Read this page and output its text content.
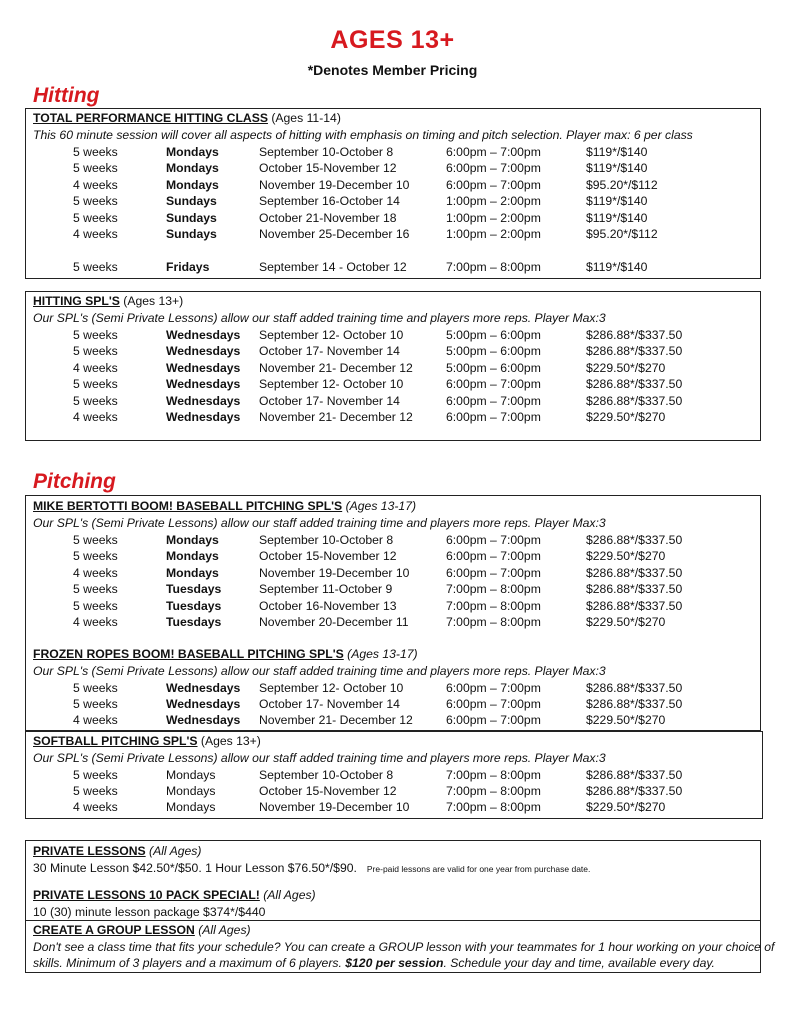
AGES 13+
*Denotes Member Pricing
Hitting
TOTAL PERFORMANCE HITTING CLASS (Ages 11-14)
This 60 minute session will cover all aspects of hitting with emphasis on timing and pitch selection. Player max: 6 per class
5 weeks	Mondays	September 10-October 8	6:00pm – 7:00pm	$119*/$140
5 weeks	Mondays	October 15-November 12	6:00pm – 7:00pm	$119*/$140
4 weeks	Mondays	November 19-December 10	6:00pm – 7:00pm	$95.20*/$112
5 weeks	Sundays	September 16-October 14	1:00pm – 2:00pm	$119*/$140
5 weeks	Sundays	October 21-November 18	1:00pm – 2:00pm	$119*/$140
4 weeks	Sundays	November 25-December 16	1:00pm – 2:00pm	$95.20*/$112
5 weeks	Fridays	September 14 - October 12	7:00pm – 8:00pm	$119*/$140
HITTING SPL'S (Ages 13+)
Our SPL's (Semi Private Lessons) allow our staff added training time and players more reps. Player Max:3
5 weeks	Wednesdays September 12- October 10	5:00pm – 6:00pm	$286.88*/$337.50
5 weeks	Wednesdays October 17- November 14	5:00pm – 6:00pm	$286.88*/$337.50
4 weeks	Wednesdays November 21- December 12	5:00pm – 6:00pm	$229.50*/$270
5 weeks	Wednesdays September 12- October 10	6:00pm – 7:00pm	$286.88*/$337.50
5 weeks	Wednesdays October 17- November 14	6:00pm – 7:00pm	$286.88*/$337.50
4 weeks	Wednesdays November 21- December 12	6:00pm – 7:00pm	$229.50*/$270
Pitching
MIKE BERTOTTI BOOM! BASEBALL PITCHING SPL'S (Ages 13-17)
Our SPL's (Semi Private Lessons) allow our staff added training time and players more reps. Player Max:3
5 weeks	Mondays	September 10-October 8	6:00pm – 7:00pm	$286.88*/$337.50
5 weeks	Mondays	October 15-November 12	6:00pm – 7:00pm	$229.50*/$270
4 weeks	Mondays	November 19-December 10	6:00pm – 7:00pm	$286.88*/$337.50
5 weeks	Tuesdays	September 11-October 9	7:00pm – 8:00pm	$286.88*/$337.50
5 weeks	Tuesdays	October 16-November 13	7:00pm – 8:00pm	$286.88*/$337.50
4 weeks	Tuesdays	November 20-December 11	7:00pm – 8:00pm	$229.50*/$270
FROZEN ROPES BOOM! BASEBALL PITCHING SPL'S (Ages 13-17)
Our SPL's (Semi Private Lessons) allow our staff added training time and players more reps. Player Max:3
5 weeks	Wednesdays September 12- October 10	6:00pm – 7:00pm	$286.88*/$337.50
5 weeks	Wednesdays October 17- November 14	6:00pm – 7:00pm	$286.88*/$337.50
4 weeks	Wednesdays November 21- December 12	6:00pm – 7:00pm	$229.50*/$270
SOFTBALL PITCHING SPL'S (Ages 13+)
Our SPL's (Semi Private Lessons) allow our staff added training time and players more reps. Player Max:3
5 weeks	Mondays	September 10-October 8	7:00pm – 8:00pm	$286.88*/$337.50
5 weeks	Mondays	October 15-November 12	7:00pm – 8:00pm	$286.88*/$337.50
4 weeks	Mondays	November 19-December 10	7:00pm – 8:00pm	$229.50*/$270
PRIVATE LESSONS (All Ages)
30 Minute Lesson $42.50*/$50. 1 Hour Lesson $76.50*/$90. Pre-paid lessons are valid for one year from purchase date.
PRIVATE LESSONS 10 PACK SPECIAL! (All Ages)
10 (30) minute lesson package $374*/$440
CREATE A GROUP LESSON (All Ages)
Don't see a class time that fits your schedule? You can create a GROUP lesson with your teammates for 1 hour working on your choice of
skills. Minimum of 3 players and a maximum of 6 players. $120 per session. Schedule your day and time, available every day.
